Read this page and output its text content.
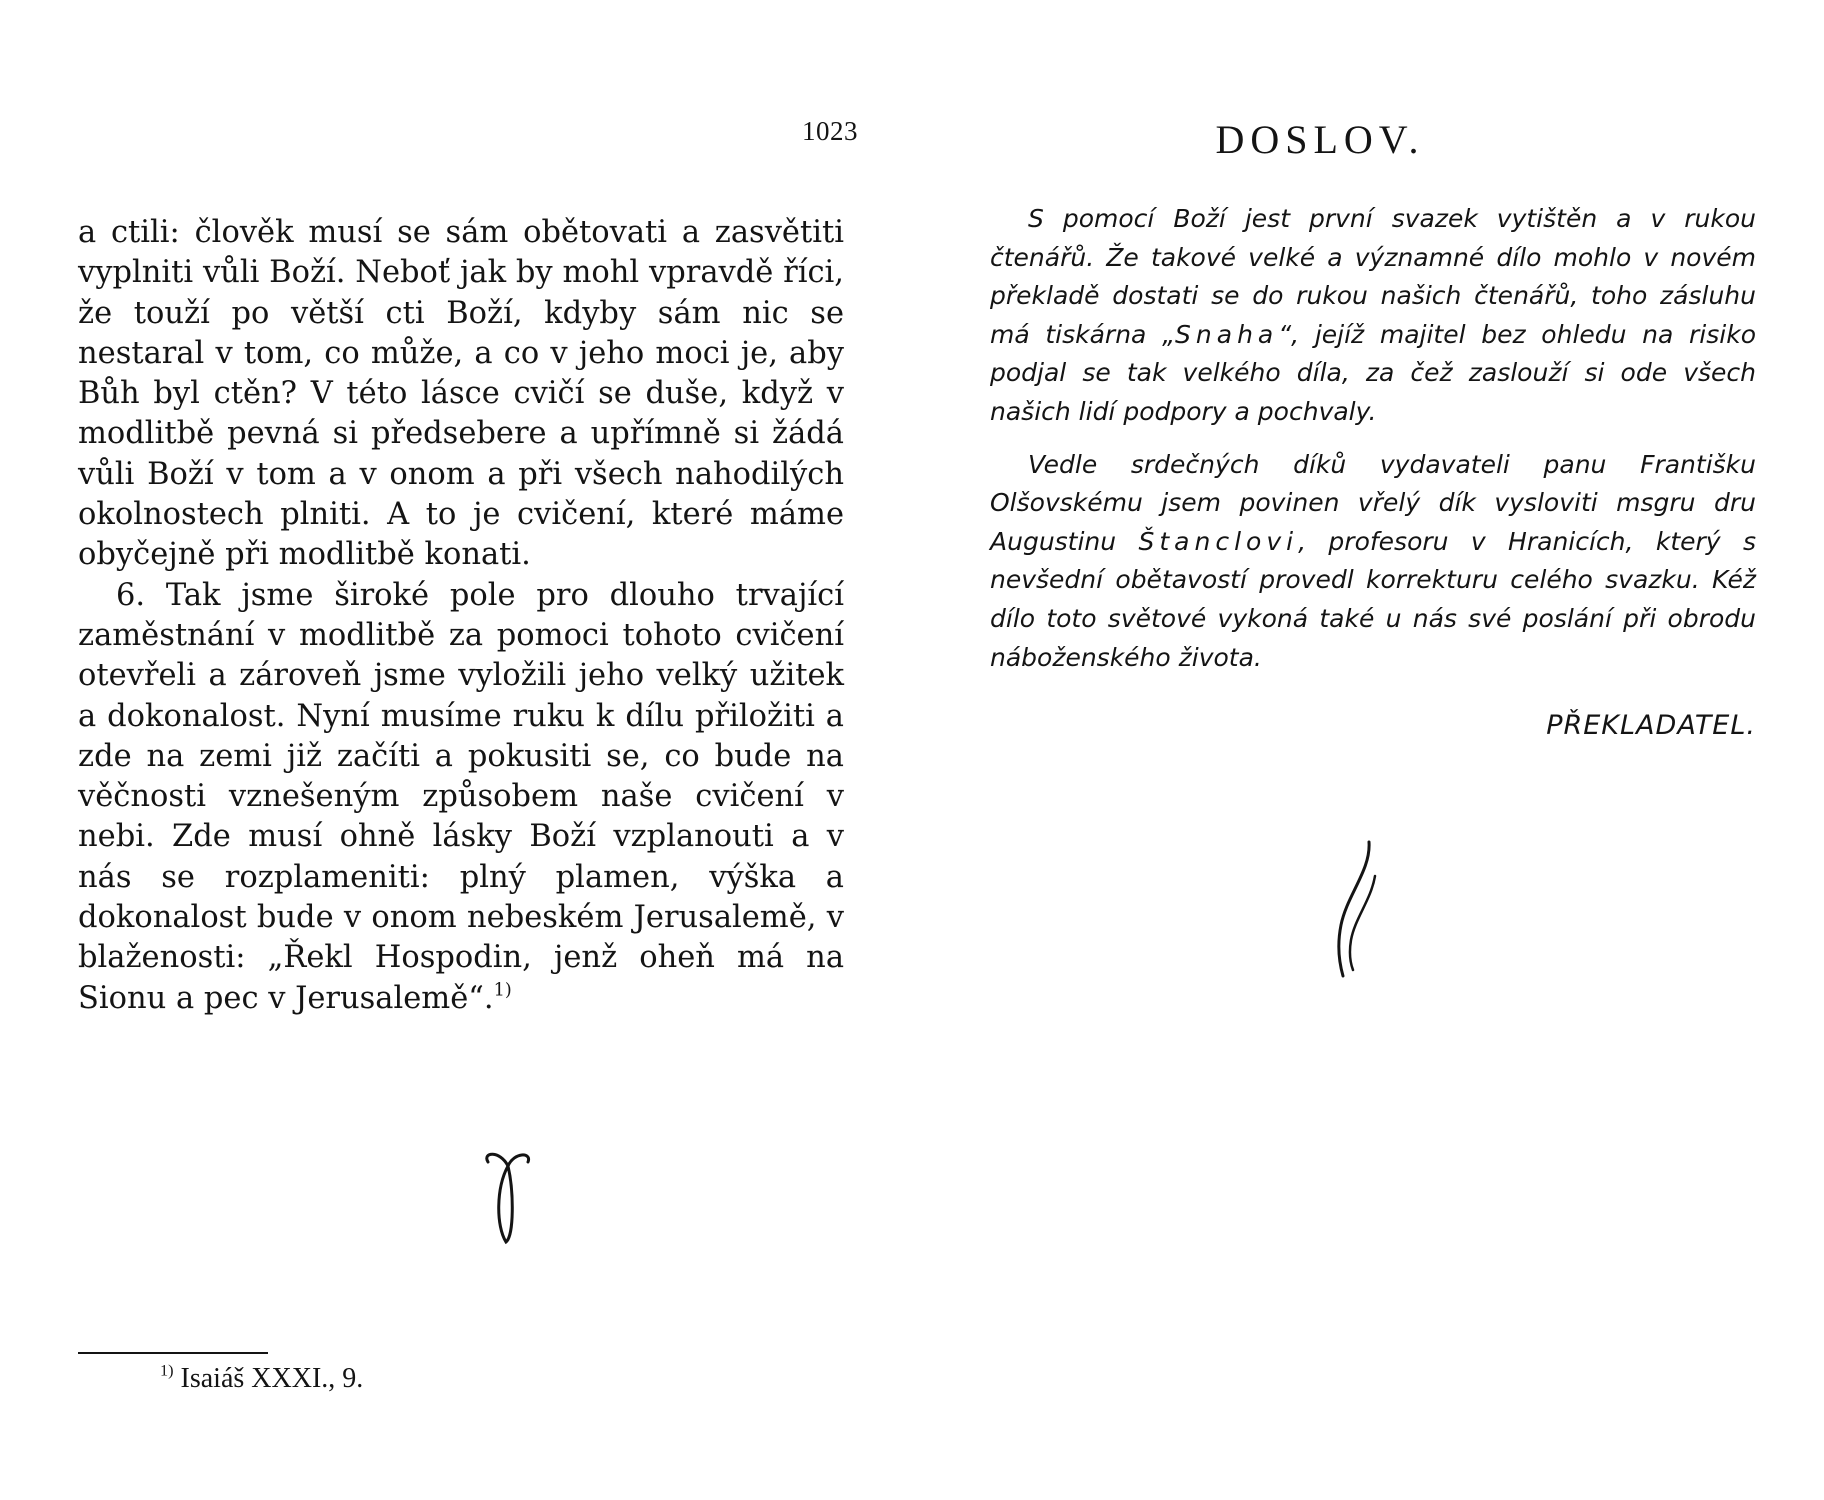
1023

a ctili: člověk musí se sám obětovati a zasvětiti vyplniti vůli Boží. Neboť jak by mohl vpravdě říci, že touží po větší cti Boží, kdyby sám nic se nestaral v tom, co může, a co v jeho moci je, aby Bůh byl ctěn? V této lásce cvičí se duše, když v modlitbě pevná si předsebere a upřímně si žádá vůli Boží v tom a v onom a při všech nahodilých okolnostech plniti. A to je cvičení, které máme obyčejně při modlitbě konati.

6. Tak jsme široké pole pro dlouho trvající zaměstnání v modlitbě za pomoci tohoto cvičení otevřeli a zároveň jsme vyložili jeho velký užitek a dokonalost. Nyní musíme ruku k dílu přiložiti a zde na zemi již začíti a pokusiti se, co bude na věčnosti vznešeným způsobem naše cvičení v nebi. Zde musí ohně lásky Boží vzplanouti a v nás se rozplameniti: plný plamen, výška a dokonalost bude v onom nebeském Jerusalemě, v blaženosti: „Řekl Hospodin, jenž oheň má na Sionu a pec v Jerusalemě“.$^{1)}$

$^{1)}$ Isaiáš XXXI., 9.
DOSLOV.

S pomocí Boží jest první svazek vytištěn a v rukou čtenářů. Že takové velké a významné dílo mohlo v novém překladě dostati se do rukou našich čtenářů, toho zásluhu má tiskárna „Snaha“, jejíž majitel bez ohledu na risiko podjal se tak velkého díla, za čež zaslouží si ode všech našich lidí podpory a pochvaly.

Vedle srdečných díků vydavateli panu Františku Olšovskému jsem povinen vřelý dík vysloviti msgru dru Augustinu Štanclovi, profesoru v Hranicích, který s nevšední obětavostí provedl korrekturu celého svazku. Kéž dílo toto světové vykoná také u nás své poslání při obrodu náboženského života.

PŘEKLADATEL.
